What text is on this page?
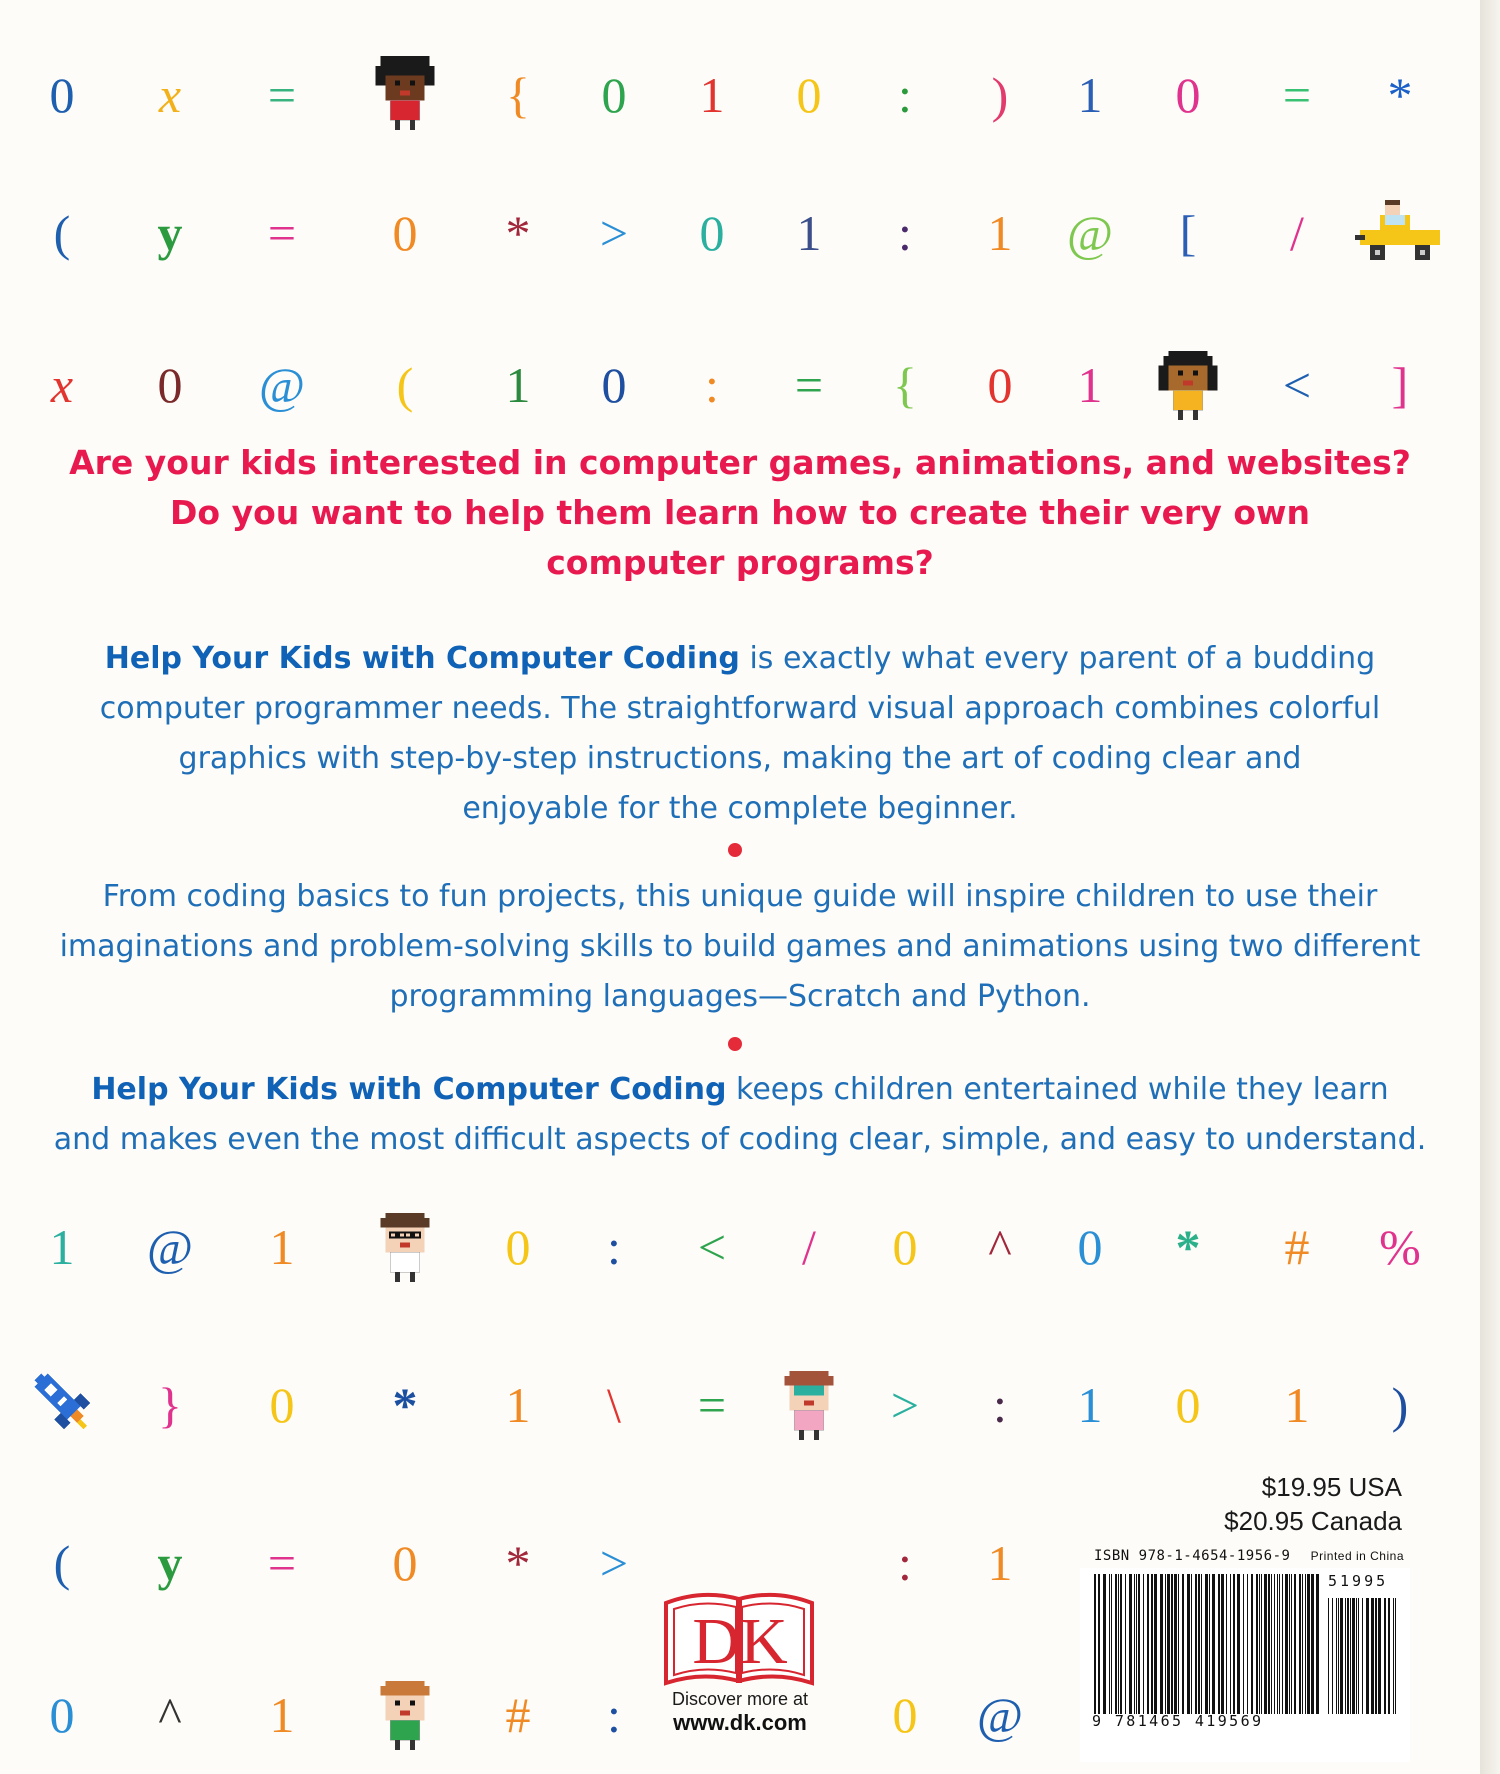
0	x	=	{	0	1	0	:	)	1	0	=	*
(	y	=	0	*	>	0	1	:	1	@	[	/
x	0	@	(	1	0	:	=	{	0	1	<	]
1	@	1	0	:	<	/	0	^	0	*	#	%
}	0	*	1	\	=	>	:	1	0	1	)
(	y	=	0	*	>	:	1
0	^	1	#	:	0	@
Are your kids interested in computer games, animations, and websites?
Do you want to help them learn how to create their very own
computer programs?
Help Your Kids with Computer Coding is exactly what every parent of a budding
computer programmer needs. The straightforward visual approach combines colorful
graphics with step-by-step instructions, making the art of coding clear and
enjoyable for the complete beginner.
From coding basics to fun projects, this unique guide will inspire children to use their
imaginations and problem-solving skills to build games and animations using two different
programming languages—Scratch and Python.
Help Your Kids with Computer Coding keeps children entertained while they learn
and makes even the most difficult aspects of coding clear, simple, and easy to understand.
$19.95 USA
$20.95 Canada
ISBN 978-1-4654-1956-9 Printed in China
51995
9 781465 419569
DK
Discover more at
www.dk.com
